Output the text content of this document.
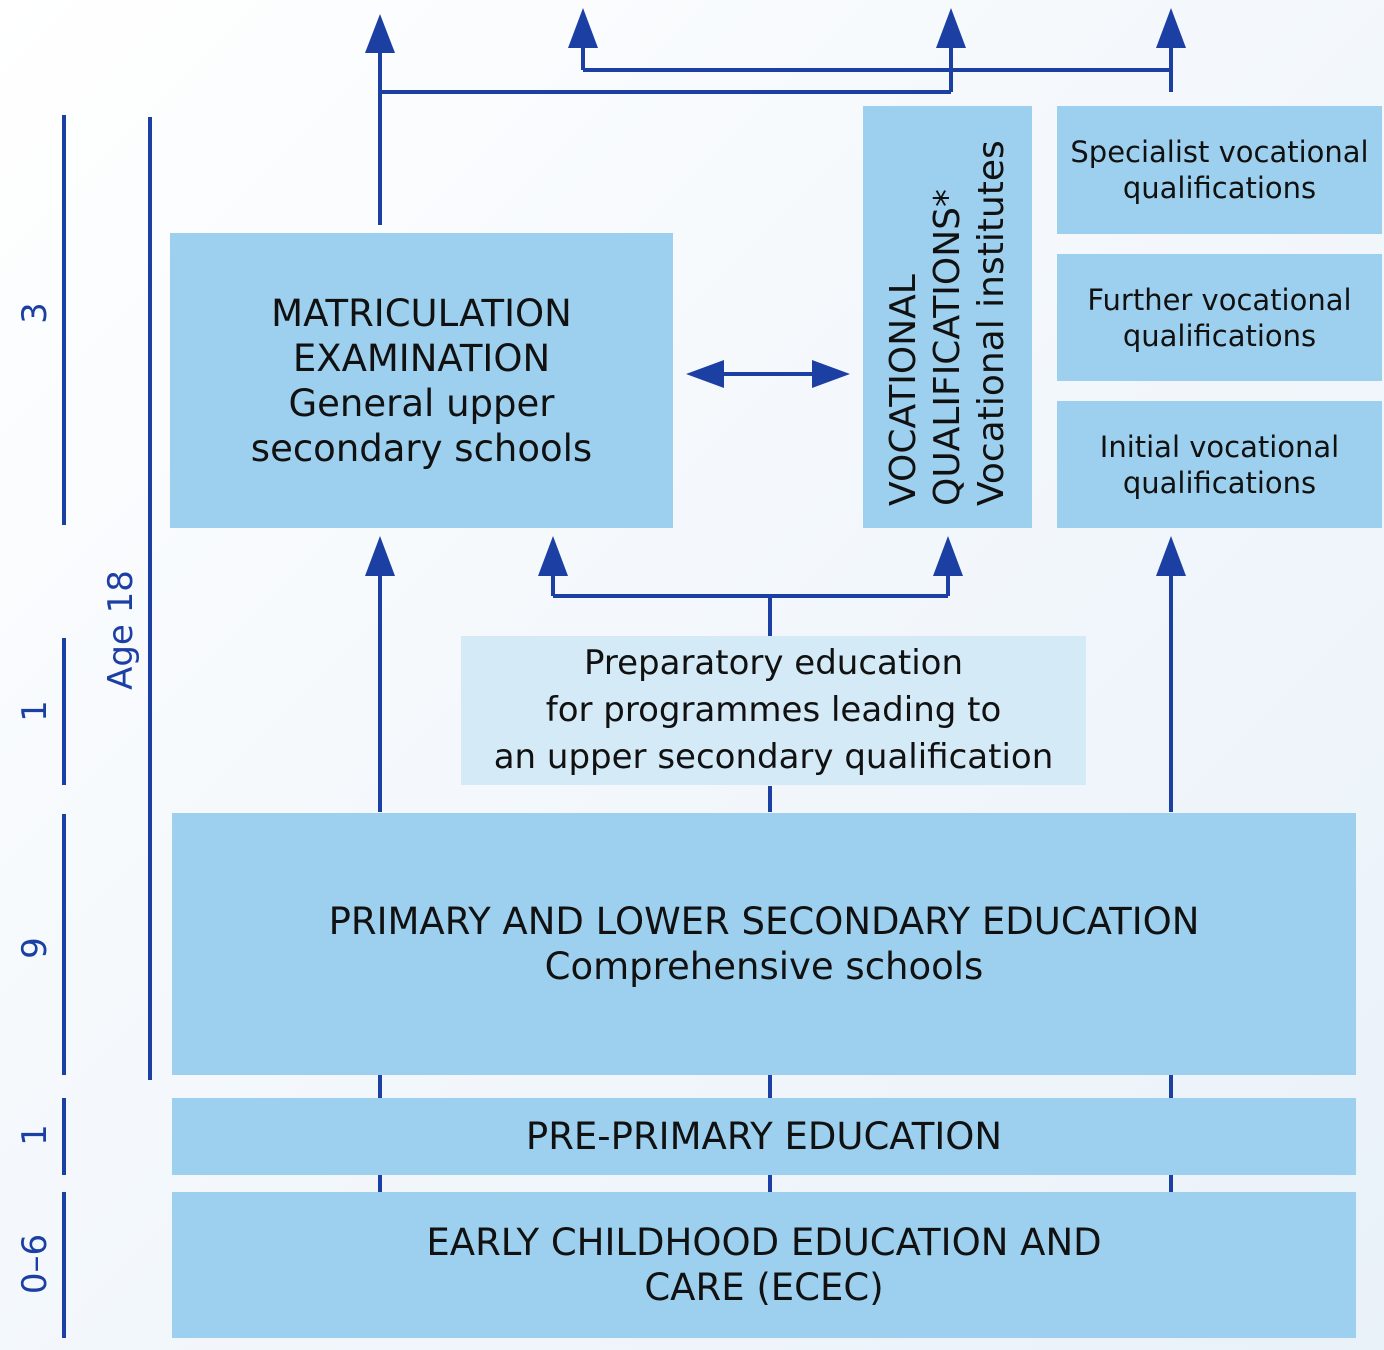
3
1
9
1
0–6
Age 18
MATRICULATION
EXAMINATION
General upper
secondary schools	VOCATIONAL QUALIFICATIONS* Vocational institutes Specialist vocational
qualifications
Further vocational
qualifications
Initial vocational
qualifications
Preparatory education
for programmes leading to
an upper secondary qualification
PRIMARY AND LOWER SECONDARY EDUCATION
Comprehensive schools
PRE-PRIMARY EDUCATION
EARLY CHILDHOOD EDUCATION AND
CARE (ECEC)
